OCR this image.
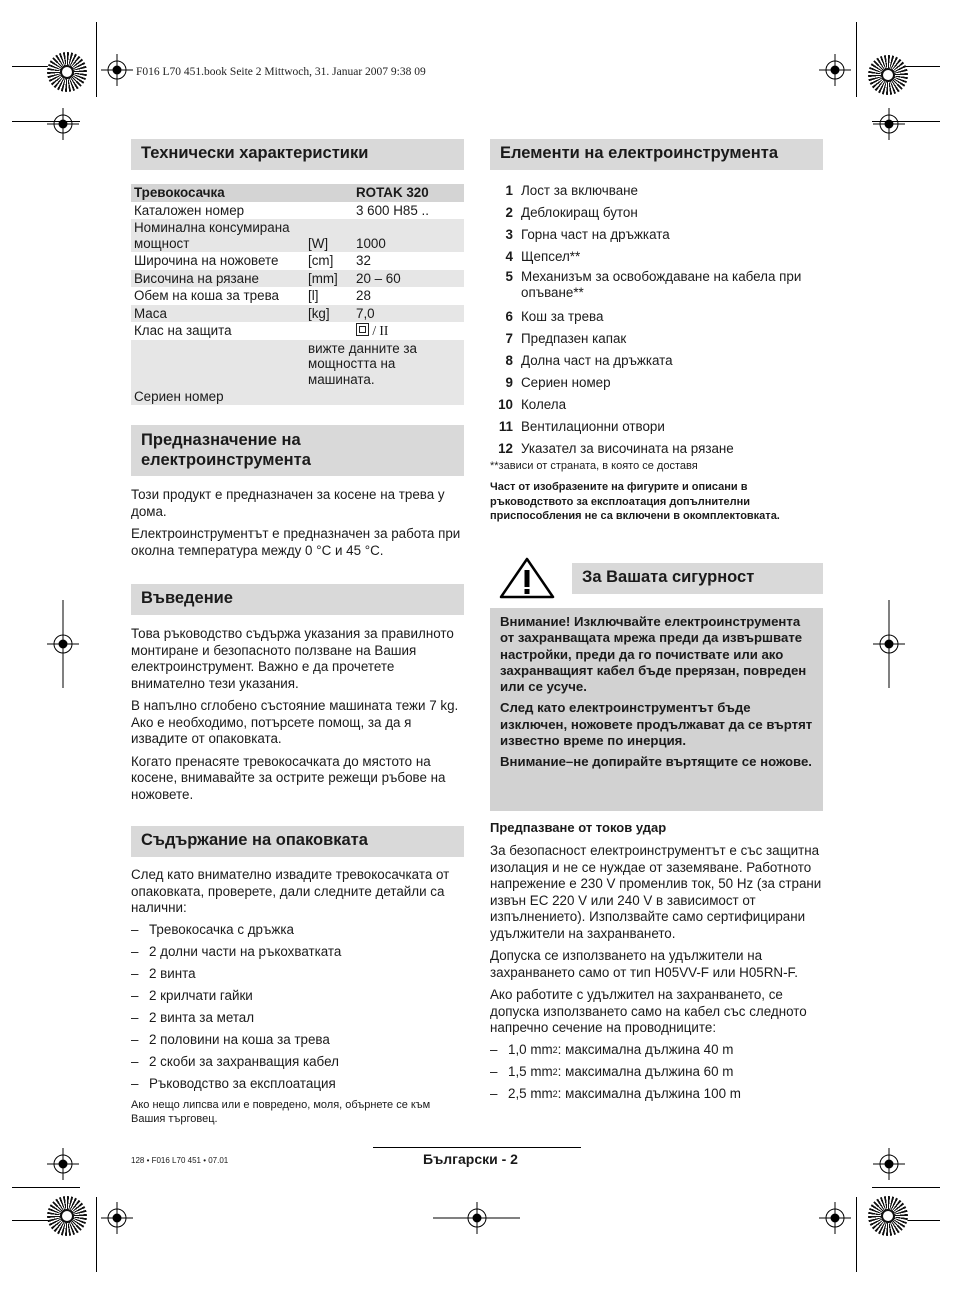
F016 L70 451.book Seite 2 Mittwoch, 31. Januar 2007 9:38 09
Технически характеристики
Тревокосачка		ROTAK 320
Каталожен номер		3 600 H85 ..
Номинална консумирана мощност	[W]	1000
Широчина на ножовете	[cm]	32
Височина на рязане	[mm]	20 – 60
Обем на коша за трева	[l]	28
Маса	[kg]	7,0
Клас на защита		/ II
Сериен номер	вижте данните за мощността на машината.	
Предназначение на електроинструмента

Този продукт е предназначен за косене на трева у дома.

Електроинструментът е предназначен за работа при околна температура между 0 °C и 45 °C.

Въведение

Това ръководство съдържа указания за правилното монтиране и безопасното ползване на Вашия електроинструмент. Важно е да прочетете внимателно тези указания.

В напълно сглобено състояние машината тежи 7 kg. Ако е необходимо, потърсете помощ, за да я извадите от опаковката.

Когато пренасяте тревокосачката до мястото на косене, внимавайте за острите режещи ръбове на ножовете.

Съдържание на опаковката

След като внимателно извадите тревокосачката от опаковката, проверете, дали следните детайли са налични:

– Тревокосачка с дръжка
– 2 долни части на ръкохватката
– 2 винта
– 2 крилчати гайки
– 2 винта за метал
– 2 половини на коша за трева
– 2 скоби за захранващия кабел
– Ръководство за експлоатация
Ако нещо липсва или е повредено, моля, обърнете се към Вашия търговец.
Елементи на електроинструмента
1 Лост за включване
2 Деблокиращ бутон
3 Горна част на дръжката
4 Щепсел**
5 Механизъм за освобождаване на кабела при опъване**
6 Кош за трева
7 Предпазен капак
8 Долна част на дръжката
9 Сериен номер
10 Колела
11 Вентилационни отвори
12 Указател за височината на рязане
**зависи от страната, в която се доставя
Част от изобразените на фигурите и описани в ръководството за експлоатация допълнителни приспособления не са включени в окомплектовката.
За Вашата сигурност

Внимание! Изключвайте електроинструмента от захранващата мрежа преди да извършвате настройки, преди да го почиствате или ако захранващият кабел бъде прерязан, повреден или се усуче.

След като електроинструментът бъде изключен, ножовете продължават да се въртят известно време по инерция.

Внимание–не допирайте въртящите се ножове.

Предпазване от токов удар

За безопасност електроинструментът е със защитна изолация и не се нуждае от заземяване. Работното напрежение е 230 V променлив ток, 50 Hz (за страни извън EC 220 V или 240 V в зависимост от изпълнението). Използвайте само сертифицирани удължители на захранването.

Допуска се използването на удължители на захранването само от тип H05VV-F или H05RN-F.

Ако работите с удължител на захранването, се допуска използването само на кабел със следното напречно сечение на проводниците:

– 1,0 mm 2 : максимална дължина 40 m
– 1,5 mm 2 : максимална дължина 60 m
– 2,5 mm 2 : максимална дължина 100 m
128 • F016 L70 451 • 07.01	Български - 2
